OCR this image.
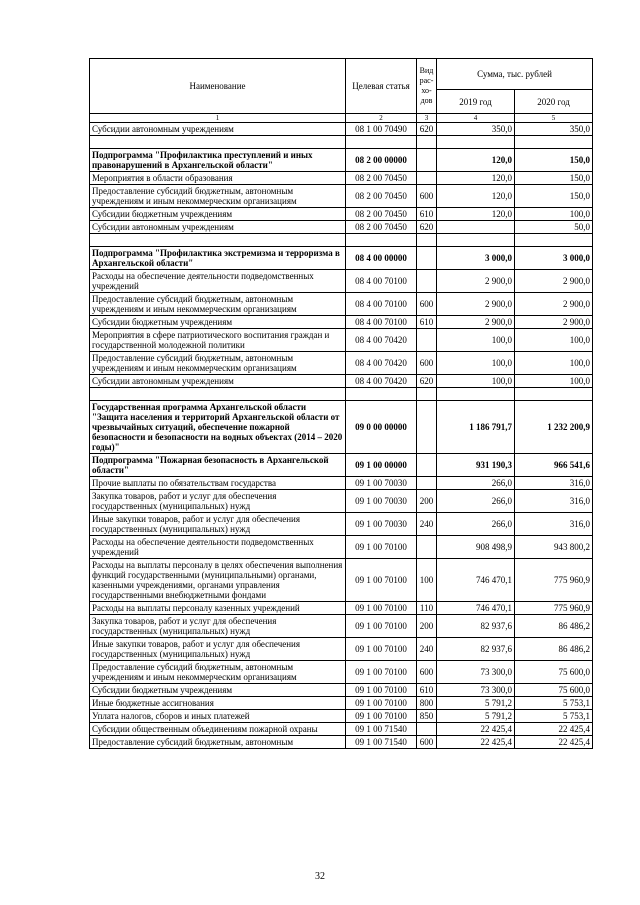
Наименование	Целевая статья	Вид рас- хо- дов	Сумма, тыс. рублей	
			2019 год	2020 год
1	2	3	4	5
Субсидии автономным учреждениям	08 1 00 70490	620	350,0	350,0

Подпрограмма "Профилактика преступлений и иных правонарушений в Архангельской области"	08 2 00 00000		120,0	150,0
Мероприятия в области образования	08 2 00 70450		120,0	150,0
Предоставление субсидий бюджетным, автономным учреждениям и иным некоммерческим организациям	08 2 00 70450	600	120,0	150,0
Субсидии бюджетным учреждениям	08 2 00 70450	610	120,0	100,0
Субсидии автономным учреждениям	08 2 00 70450	620		50,0

Подпрограмма "Профилактика экстремизма и терроризма в Архангельской области"	08 4 00 00000		3 000,0	3 000,0
Расходы на обеспечение деятельности подведомственных учреждений	08 4 00 70100		2 900,0	2 900,0
Предоставление субсидий бюджетным, автономным учреждениям и иным некоммерческим организациям	08 4 00 70100	600	2 900,0	2 900,0
Субсидии бюджетным учреждениям	08 4 00 70100	610	2 900,0	2 900,0
Мероприятия в сфере патриотического воспитания граждан и государственной молодежной политики	08 4 00 70420		100,0	100,0
Предоставление субсидий бюджетным, автономным учреждениям и иным некоммерческим организациям	08 4 00 70420	600	100,0	100,0
Субсидии автономным учреждениям	08 4 00 70420	620	100,0	100,0

Государственная программа Архангельской области "Защита населения и территорий Архангельской области от чрезвычайных ситуаций, обеспечение пожарной безопасности и безопасности на водных объектах (2014 – 2020 годы)"	09 0 00 00000		1 186 791,7	1 232 200,9
Подпрограмма "Пожарная безопасность в Архангельской области"	09 1 00 00000		931 190,3	966 541,6
Прочие выплаты по обязательствам государства	09 1 00 70030		266,0	316,0
Закупка товаров, работ и услуг для обеспечения государственных (муниципальных) нужд	09 1 00 70030	200	266,0	316,0
Иные закупки товаров, работ и услуг для обеспечения государственных (муниципальных) нужд	09 1 00 70030	240	266,0	316,0
Расходы на обеспечение деятельности подведомственных учреждений	09 1 00 70100		908 498,9	943 800,2
Расходы на выплаты персоналу в целях обеспечения выполнения функций государственными (муниципальными) органами, казенными учреждениями, органами управления государственными внебюджетными фондами	09 1 00 70100	100	746 470,1	775 960,9
Расходы на выплаты персоналу казенных учреждений	09 1 00 70100	110	746 470,1	775 960,9
Закупка товаров, работ и услуг для обеспечения государственных (муниципальных) нужд	09 1 00 70100	200	82 937,6	86 486,2
Иные закупки товаров, работ и услуг для обеспечения государственных (муниципальных) нужд	09 1 00 70100	240	82 937,6	86 486,2
Предоставление субсидий бюджетным, автономным учреждениям и иным некоммерческим организациям	09 1 00 70100	600	73 300,0	75 600,0
Субсидии бюджетным учреждениям	09 1 00 70100	610	73 300,0	75 600,0
Иные бюджетные ассигнования	09 1 00 70100	800	5 791,2	5 753,1
Уплата налогов, сборов и иных платежей	09 1 00 70100	850	5 791,2	5 753,1
Субсидии общественным объединениям пожарной охраны	09 1 00 71540		22 425,4	22 425,4
Предоставление субсидий бюджетным, автономным	09 1 00 71540	600	22 425,4	22 425,4
32
